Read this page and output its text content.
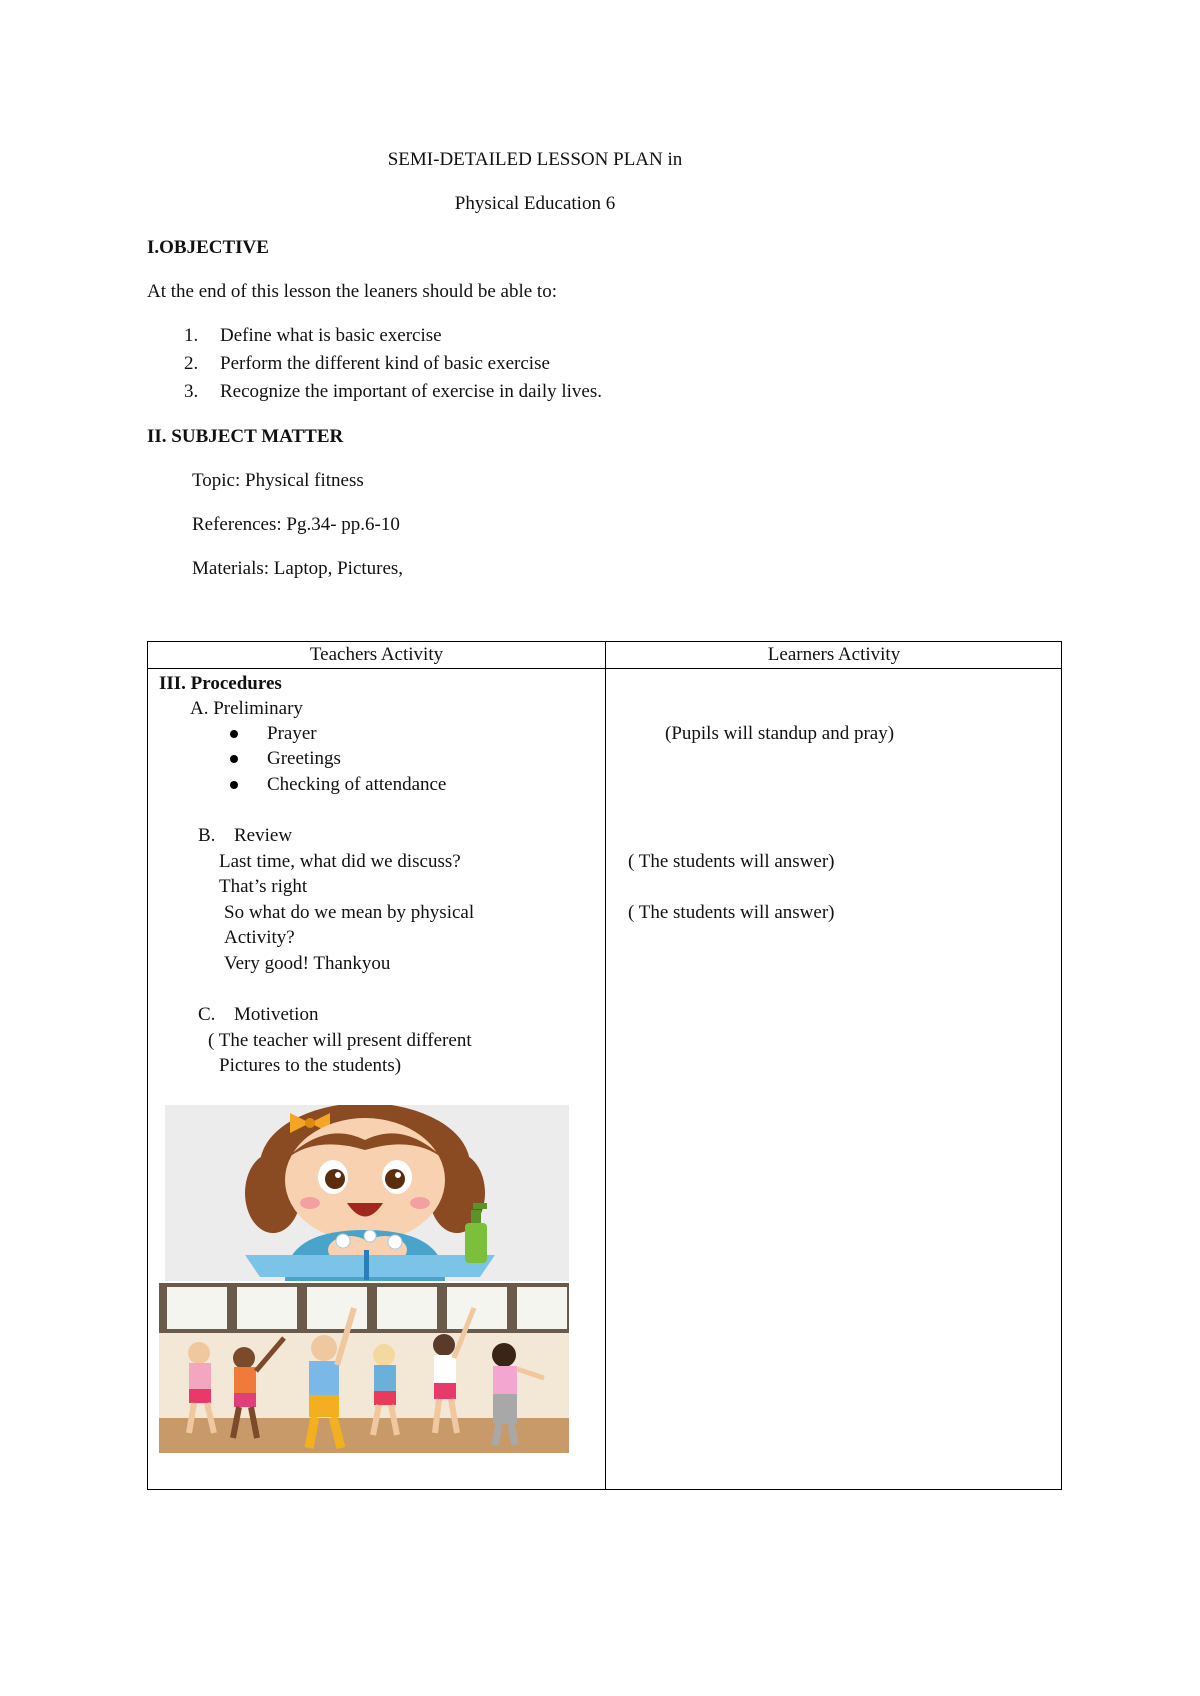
SEMI-DETAILED LESSON PLAN in
Physical Education 6
I.OBJECTIVE
At the end of this lesson the leaners should be able to:
1. Define what is basic exercise
2. Perform the different kind of basic exercise
3. Recognize the important of exercise in daily lives.
II. SUBJECT MATTER
Topic: Physical fitness
References: Pg.34- pp.6-10
Materials: Laptop, Pictures,
Teachers Activity	Learners Activity
III. Procedures
A. Preliminary
Prayer
Greetings
Checking of attendance
(Pupils will standup and pray)
B. Review
Last time, what did we discuss?
That’s right
So what do we mean by physical
Activity?
Very good! Thankyou
( The students will answer)
( The students will answer)
C. Motivetion
( The teacher will present different
Pictures to the students)
